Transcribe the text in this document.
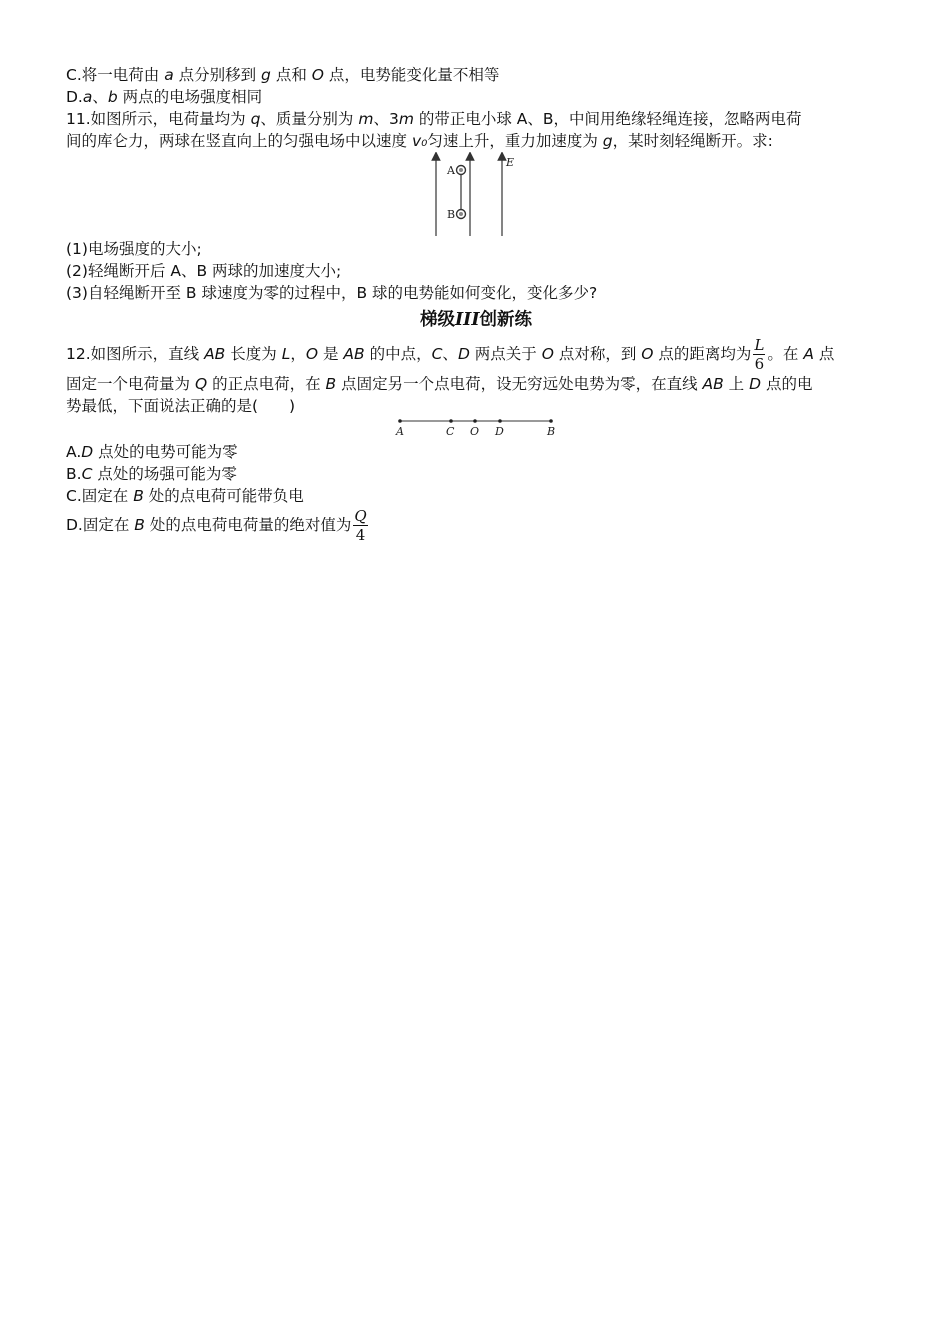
C.将一电荷由 a 点分别移到 g 点和 O 点，电势能变化量不相等
D.a、b 两点的电场强度相同
11.如图所示，电荷量均为 q、质量分别为 m、3m 的带正电小球 A、B，中间用绝缘轻绳连接，忽略两电荷
间的库仑力，两球在竖直向上的匀强电场中以速度 v₀匀速上升，重力加速度为 g，某时刻轻绳断开。求:
E
A
B
(1)电场强度的大小;
(2)轻绳断开后 A、B 两球的加速度大小;
(3)自轻绳断开至 B 球速度为零的过程中，B 球的电势能如何变化，变化多少?
梯级III创新练
12.如图所示，直线 AB 长度为 L，O 是 AB 的中点，C、D 两点关于 O 点对称，到 O 点的距离均为 $\frac{L}{6}$ 。在 A 点
固定一个电荷量为 Q 的正点电荷，在 B 点固定另一个点电荷，设无穷远处电势为零，在直线 AB 上 D 点的电
势最低，下面说法正确的是(　　)
A	C O D	B
A.D 点处的电势可能为零
B.C 点处的场强可能为零
C.固定在 B 处的点电荷可能带负电
D.固定在 B 处的点电荷电荷量的绝对值为 $\frac{Q}{4}$
